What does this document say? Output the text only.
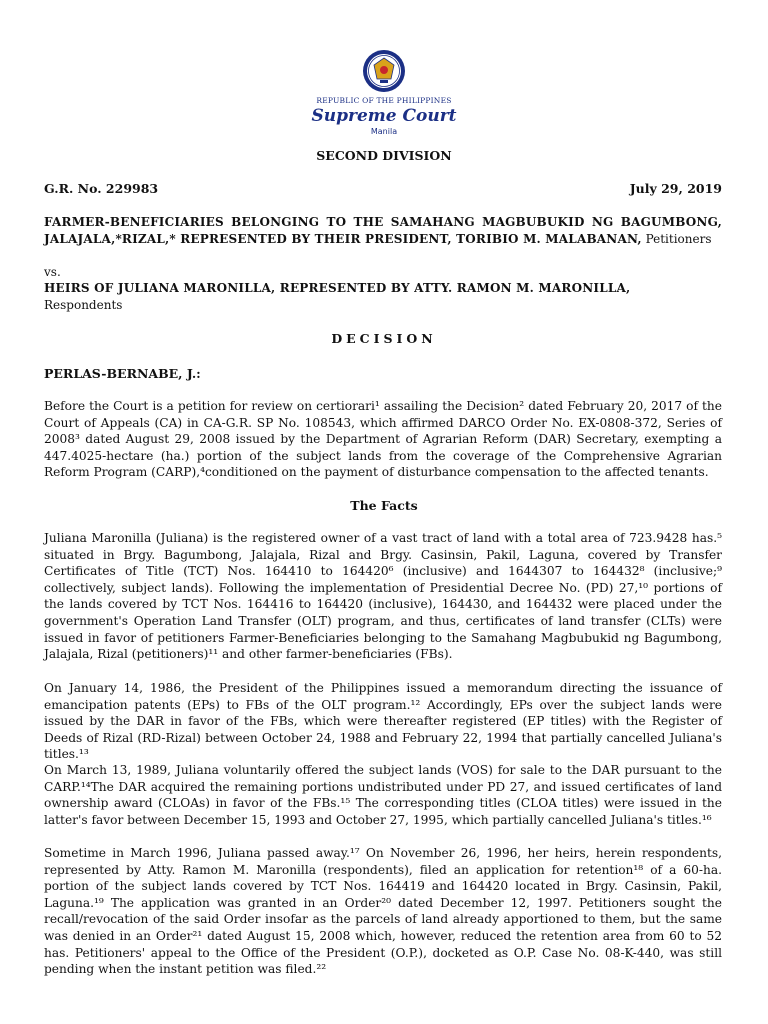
REPUBLIC OF THE PHILIPPINES
Supreme Court
Manila
SECOND DIVISION
G.R. No. 229983	July 29, 2019
FARMER-BENEFICIARIES BELONGING TO THE SAMAHANG MAGBUBUKID NG BAGUMBONG, JALAJALA,*RIZAL,* REPRESENTED BY THEIR PRESIDENT, TORIBIO M. MALABANAN, Petitioners
vs.
HEIRS OF JULIANA MARONILLA, REPRESENTED BY ATTY. RAMON M. MARONILLA,
Respondents
DECISION
PERLAS-BERNABE, J.:
Before the Court is a petition for review on certiorari¹ assailing the Decision² dated February 20, 2017 of the Court of Appeals (CA) in CA-G.R. SP No. 108543, which affirmed DARCO Order No. EX-0808-372, Series of 2008³ dated August 29, 2008 issued by the Department of Agrarian Reform (DAR) Secretary, exempting a 447.4025-hectare (ha.) portion of the subject lands from the coverage of the Comprehensive Agrarian Reform Program (CARP),⁴conditioned on the payment of disturbance compensation to the affected tenants.
The Facts
Juliana Maronilla (Juliana) is the registered owner of a vast tract of land with a total area of 723.9428 has.⁵ situated in Brgy. Bagumbong, Jalajala, Rizal and Brgy. Casinsin, Pakil, Laguna, covered by Transfer Certificates of Title (TCT) Nos. 164410 to 164420⁶ (inclusive) and 1644307 to 164432⁸ (inclusive;⁹ collectively, subject lands). Following the implementation of Presidential Decree No. (PD) 27,¹⁰ portions of the lands covered by TCT Nos. 164416 to 164420 (inclusive), 164430, and 164432 were placed under the government's Operation Land Transfer (OLT) program, and thus, certificates of land transfer (CLTs) were issued in favor of petitioners Farmer-Beneficiaries belonging to the Samahang Magbubukid ng Bagumbong, Jalajala, Rizal (petitioners)¹¹ and other farmer-beneficiaries (FBs).
On January 14, 1986, the President of the Philippines issued a memorandum directing the issuance of emancipation patents (EPs) to FBs of the OLT program.¹² Accordingly, EPs over the subject lands were issued by the DAR in favor of the FBs, which were thereafter registered (EP titles) with the Register of Deeds of Rizal (RD-Rizal) between October 24, 1988 and February 22, 1994 that partially cancelled Juliana's titles.¹³
On March 13, 1989, Juliana voluntarily offered the subject lands (VOS) for sale to the DAR pursuant to the CARP.¹⁴The DAR acquired the remaining portions undistributed under PD 27, and issued certificates of land ownership award (CLOAs) in favor of the FBs.¹⁵ The corresponding titles (CLOA titles) were issued in the latter's favor between December 15, 1993 and October 27, 1995, which partially cancelled Juliana's titles.¹⁶
Sometime in March 1996, Juliana passed away.¹⁷ On November 26, 1996, her heirs, herein respondents, represented by Atty. Ramon M. Maronilla (respondents), filed an application for retention¹⁸ of a 60-ha. portion of the subject lands covered by TCT Nos. 164419 and 164420 located in Brgy. Casinsin, Pakil, Laguna.¹⁹ The application was granted in an Order²⁰ dated December 12, 1997. Petitioners sought the recall/revocation of the said Order insofar as the parcels of land already apportioned to them, but the same was denied in an Order²¹ dated August 15, 2008 which, however, reduced the retention area from 60 to 52 has. Petitioners' appeal to the Office of the President (O.P.), docketed as O.P. Case No. 08-K-440, was still pending when the instant petition was filed.²²
